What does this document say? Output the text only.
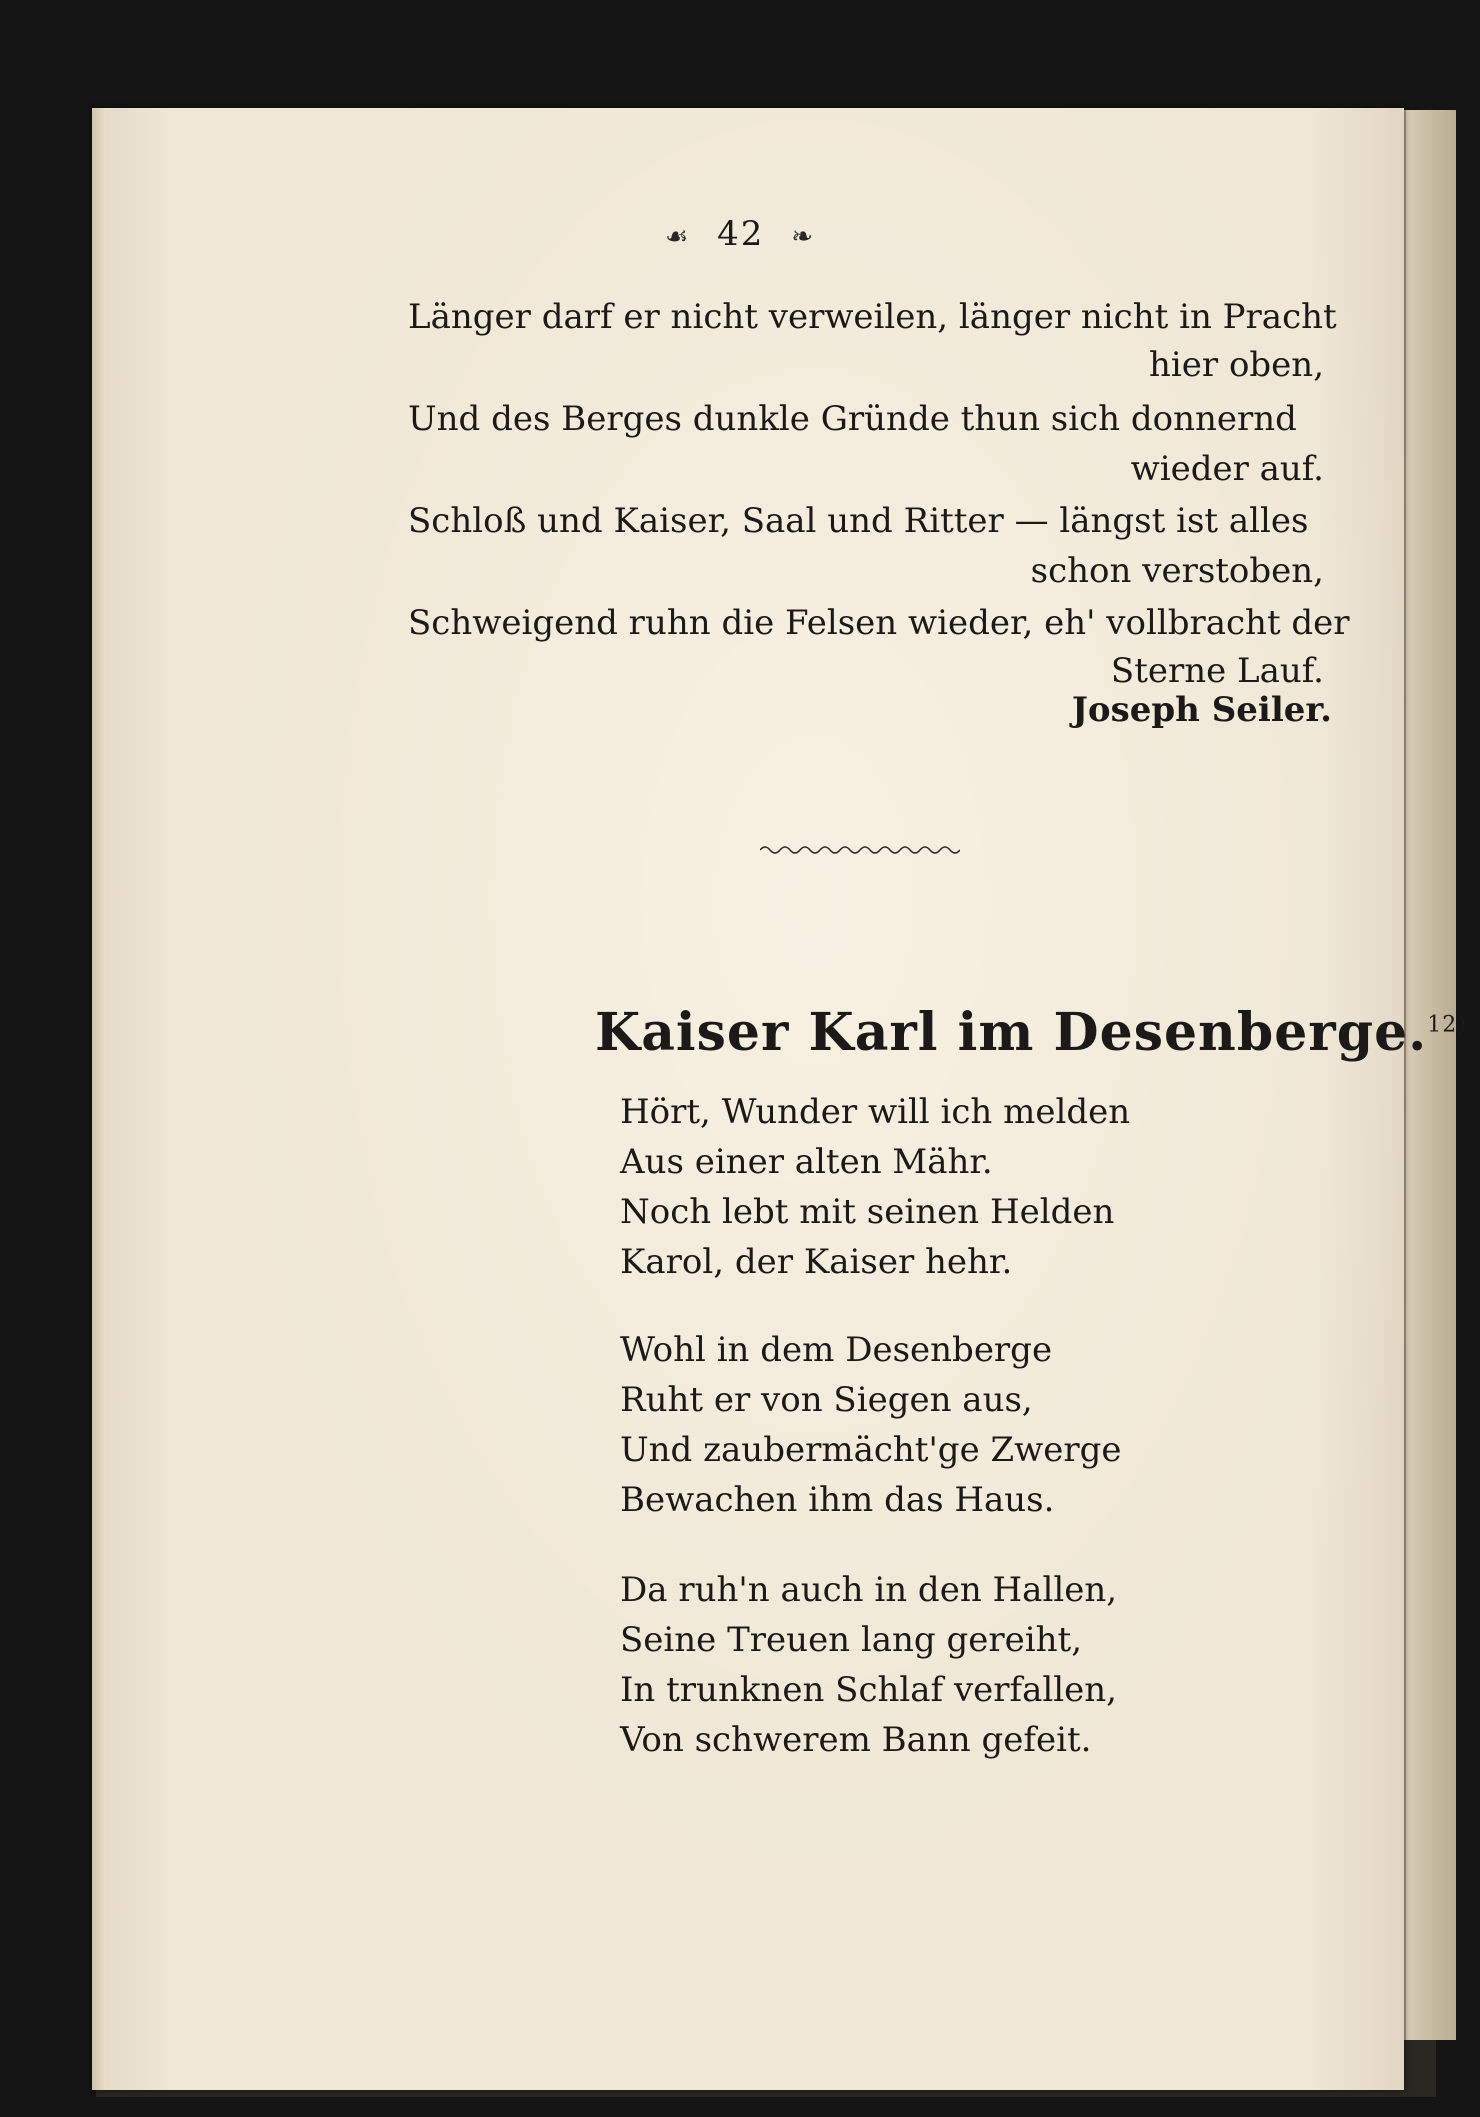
☙ 42 ❧
Länger darf er nicht verweilen, länger nicht in Pracht
hier oben,
Und des Berges dunkle Gründe thun sich donnernd
wieder auf.
Schloß und Kaiser, Saal und Ritter — längst ist alles
schon verstoben,
Schweigend ruhn die Felsen wieder, eh' vollbracht der
Sterne Lauf.
Joseph Seiler.
Kaiser Karl im Desenberge.$^{12)}$
Hört, Wunder will ich melden
Aus einer alten Mähr.
Noch lebt mit seinen Helden
Karol, der Kaiser hehr.
Wohl in dem Desenberge
Ruht er von Siegen aus,
Und zaubermächt'ge Zwerge
Bewachen ihm das Haus.
Da ruh'n auch in den Hallen,
Seine Treuen lang gereiht,
In trunknen Schlaf verfallen,
Von schwerem Bann gefeit.
